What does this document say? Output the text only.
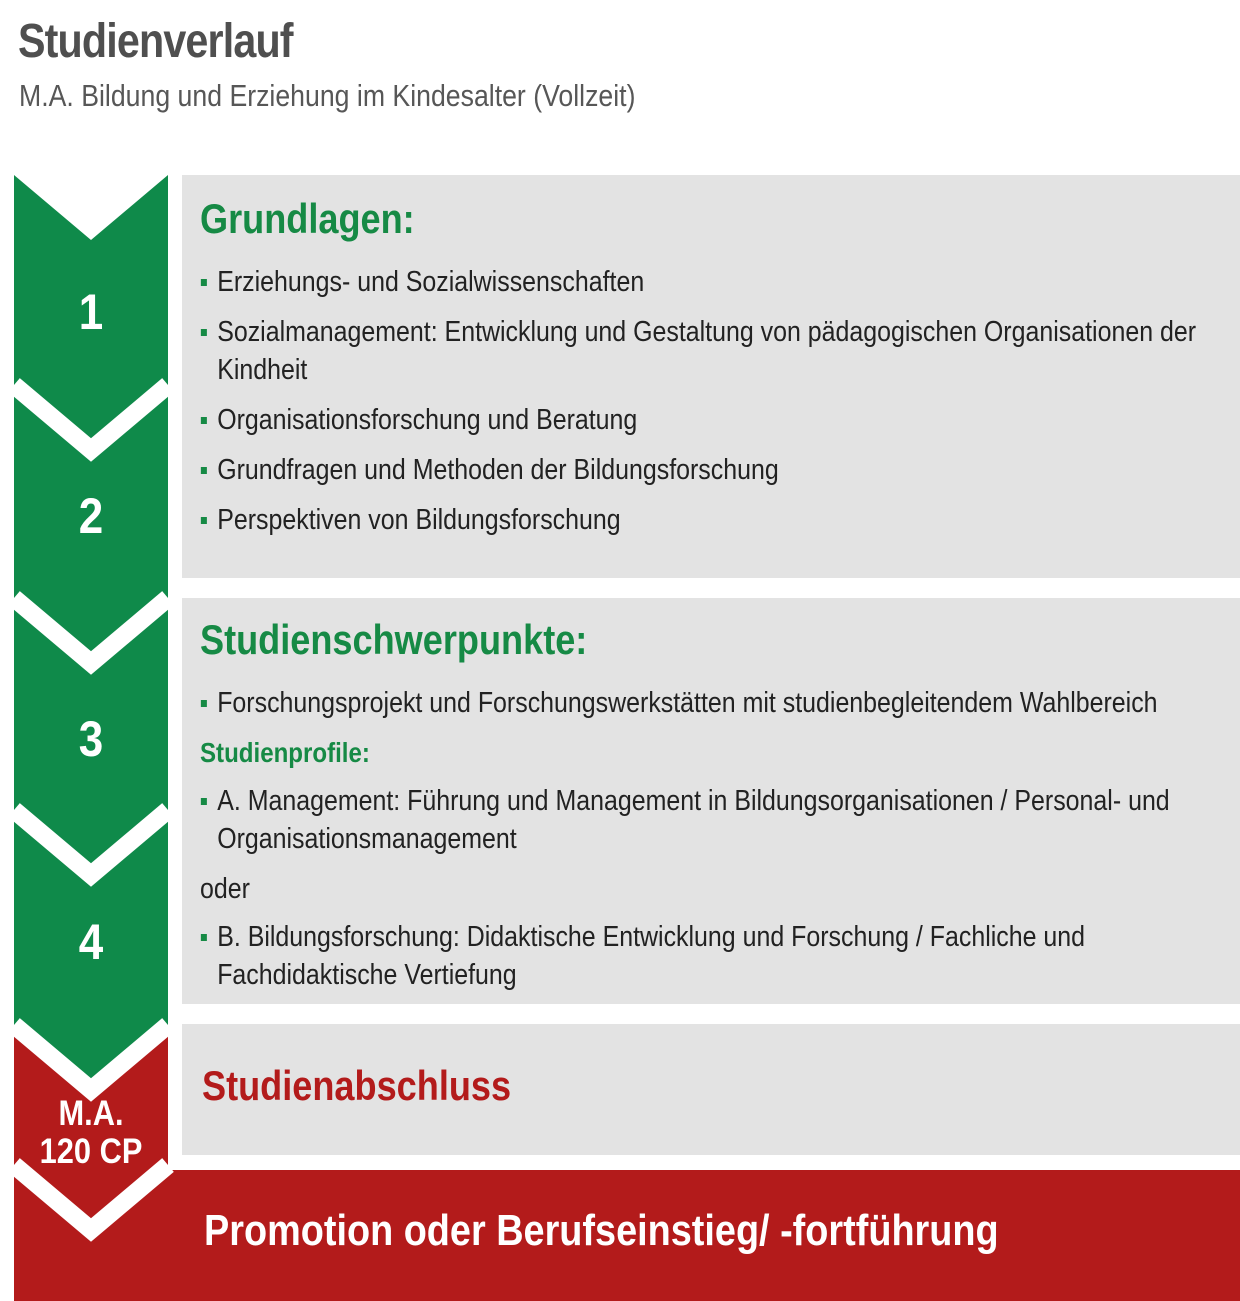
Studienverlauf
M.A. Bildung und Erziehung im Kindesalter (Vollzeit)
1
2
3
4
M.A.
120 CP
Grundlagen:
Erziehungs- und Sozialwissenschaften
Sozialmanagement: Entwicklung und Gestaltung von pädagogischen Organisationen der Kindheit
Organisationsforschung und Beratung
Grundfragen und Methoden der Bildungsforschung
Perspektiven von Bildungsforschung
Studienschwerpunkte:
Forschungsprojekt und Forschungswerkstätten mit studienbegleitendem Wahlbereich
Studienprofile:
A. Management: Führung und Management in Bildungsorganisationen / Personal- und Organisationsmanagement
oder
B. Bildungsforschung: Didaktische Entwicklung und Forschung / Fachliche und Fachdidaktische Vertiefung
Studienabschluss
Promotion oder Berufseinstieg/ -fortführung
